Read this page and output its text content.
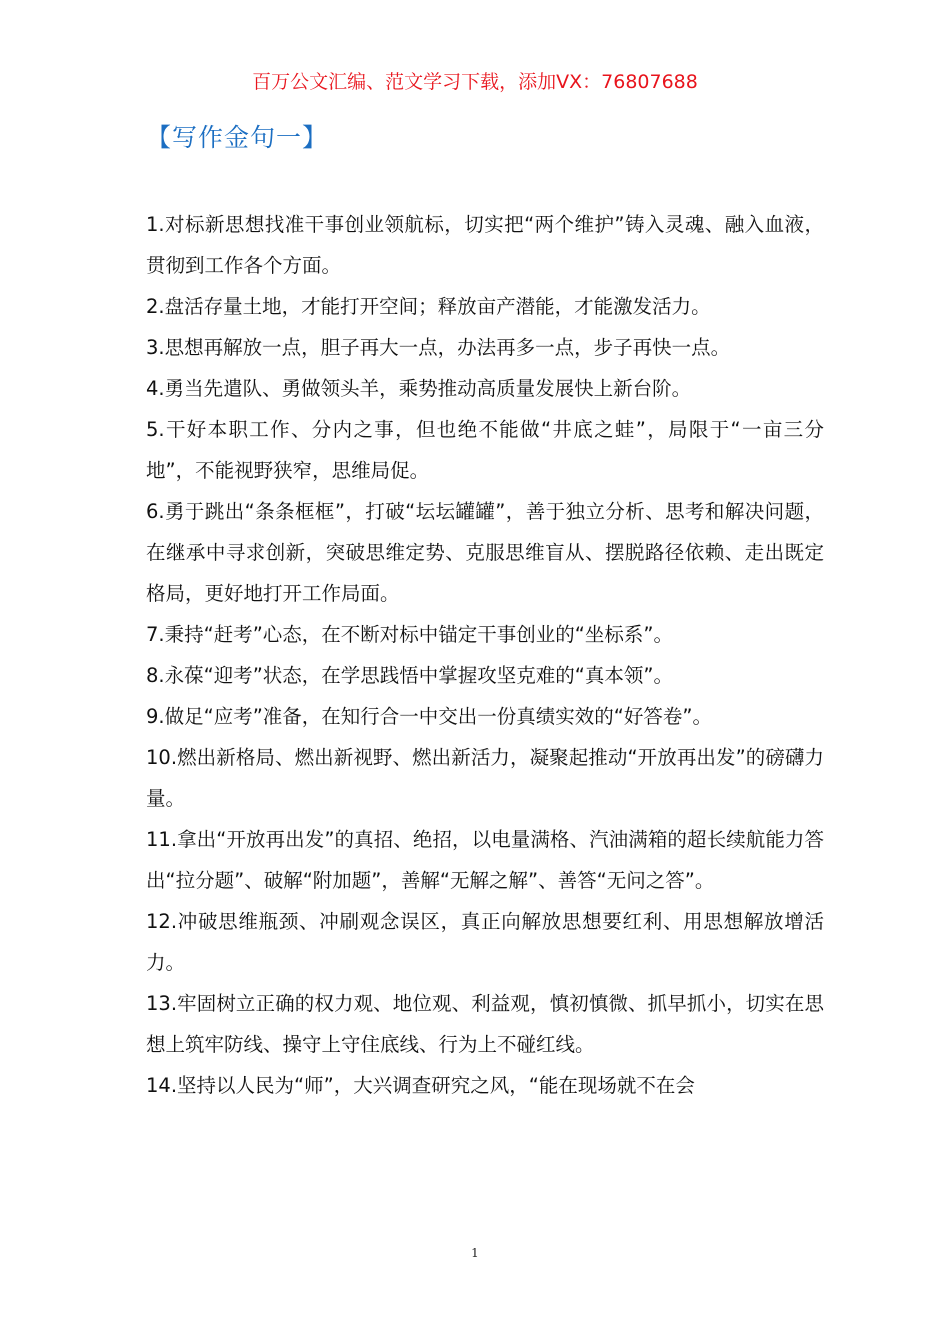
百万公文汇编、范文学习下载，添加VX：76807688
【写作金句一】

1.对标新思想找准干事创业领航标，切实把“两个维护”铸入灵魂、融入血液，贯彻到工作各个方面。

2.盘活存量土地，才能打开空间；释放亩产潜能，才能激发活力。

3.思想再解放一点，胆子再大一点，办法再多一点，步子再快一点。

4.勇当先遣队、勇做领头羊，乘势推动高质量发展快上新台阶。

5.干好本职工作、分内之事，但也绝不能做“井底之蛙”，局限于“一亩三分地”，不能视野狭窄，思维局促。

6.勇于跳出“条条框框”，打破“坛坛罐罐”，善于独立分析、思考和解决问题，在继承中寻求创新，突破思维定势、克服思维盲从、摆脱路径依赖、走出既定格局，更好地打开工作局面。

7.秉持“赶考”心态，在不断对标中锚定干事创业的“坐标系”。

8.永葆“迎考”状态，在学思践悟中掌握攻坚克难的“真本领”。

9.做足“应考”准备，在知行合一中交出一份真绩实效的“好答卷”。

10.燃出新格局、燃出新视野、燃出新活力，凝聚起推动“开放再出发”的磅礴力量。

11.拿出“开放再出发”的真招、绝招，以电量满格、汽油满箱的超长续航能力答出“拉分题”、破解“附加题”，善解“无解之解”、善答“无问之答”。

12.冲破思维瓶颈、冲刷观念误区，真正向解放思想要红利、用思想解放增活力。

13.牢固树立正确的权力观、地位观、利益观，慎初慎微、抓早抓小，切实在思想上筑牢防线、操守上守住底线、行为上不碰红线。

14.坚持以人民为“师”，大兴调查研究之风，“能在现场就不在会

1
